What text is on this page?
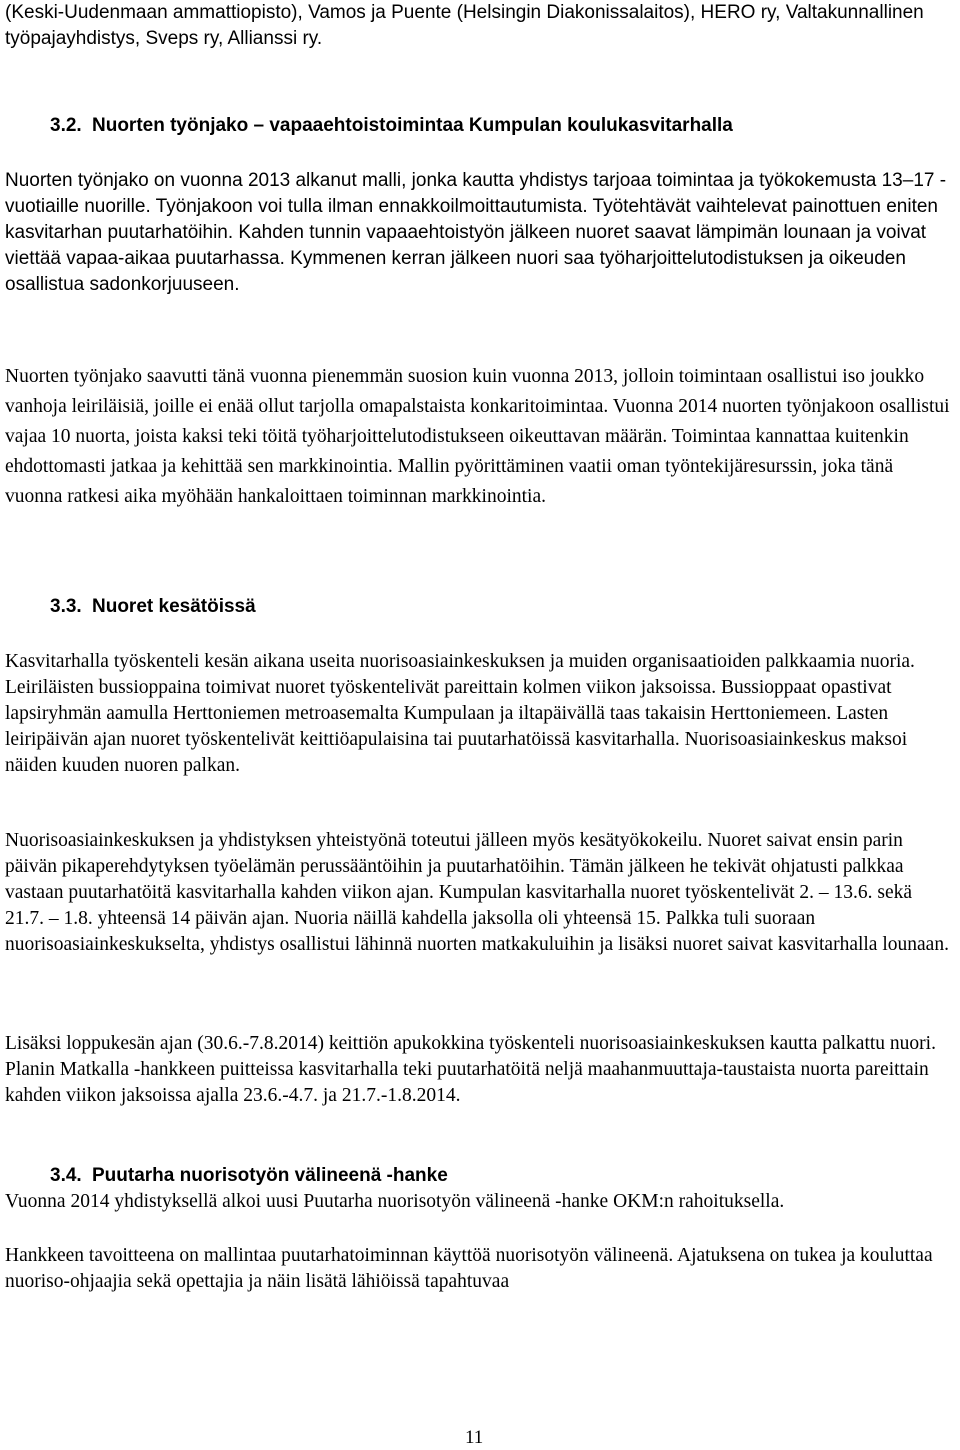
(Keski-Uudenmaan ammattiopisto), Vamos ja Puente (Helsingin Diakonissalaitos), HERO ry, Valtakunnallinen työpajayhdistys, Sveps ry, Allianssi ry.

3.2. Nuorten työnjako – vapaaehtoistoimintaa Kumpulan koulukasvitarhalla

Nuorten työnjako on vuonna 2013 alkanut malli, jonka kautta yhdistys tarjoaa toimintaa ja työkokemusta 13–17 -vuotiaille nuorille. Työnjakoon voi tulla ilman ennakkoilmoittautumista. Työtehtävät vaihtelevat painottuen eniten kasvitarhan puutarhatöihin. Kahden tunnin vapaaehtoistyön jälkeen nuoret saavat lämpimän lounaan ja voivat viettää vapaa-aikaa puutarhassa. Kymmenen kerran jälkeen nuori saa työharjoittelutodistuksen ja oikeuden osallistua sadonkorjuuseen.

Nuorten työnjako saavutti tänä vuonna pienemmän suosion kuin vuonna 2013, jolloin toimintaan osallistui iso joukko vanhoja leiriläisiä, joille ei enää ollut tarjolla omapalstaista konkaritoimintaa. Vuonna 2014 nuorten työnjakoon osallistui vajaa 10 nuorta, joista kaksi teki töitä työharjoittelutodistukseen oikeuttavan määrän. Toimintaa kannattaa kuitenkin ehdottomasti jatkaa ja kehittää sen markkinointia. Mallin pyörittäminen vaatii oman työntekijäresurssin, joka tänä vuonna ratkesi aika myöhään hankaloittaen toiminnan markkinointia.

3.3. Nuoret kesätöissä

Kasvitarhalla työskenteli kesän aikana useita nuorisoasiainkeskuksen ja muiden organisaatioiden palkkaamia nuoria. Leiriläisten bussioppaina toimivat nuoret työskentelivät pareittain kolmen viikon jaksoissa. Bussioppaat opastivat lapsiryhmän aamulla Herttoniemen metroasemalta Kumpulaan ja iltapäivällä taas takaisin Herttoniemeen. Lasten leiripäivän ajan nuoret työskentelivät keittiöapulaisina tai puutarhatöissä kasvitarhalla. Nuorisoasiainkeskus maksoi näiden kuuden nuoren palkan.

Nuorisoasiainkeskuksen ja yhdistyksen yhteistyönä toteutui jälleen myös kesätyökokeilu. Nuoret saivat ensin parin päivän pikaperehdytyksen työelämän perussääntöihin ja puutarhatöihin. Tämän jälkeen he tekivät ohjatusti palkkaa vastaan puutarhatöitä kasvitarhalla kahden viikon ajan. Kumpulan kasvitarhalla nuoret työskentelivät 2. – 13.6. sekä 21.7. – 1.8. yhteensä 14 päivän ajan. Nuoria näillä kahdella jaksolla oli yhteensä 15. Palkka tuli suoraan nuorisoasiainkeskukselta, yhdistys osallistui lähinnä nuorten matkakuluihin ja lisäksi nuoret saivat kasvitarhalla lounaan.

Lisäksi loppukesän ajan (30.6.-7.8.2014) keittiön apukokkina työskenteli nuorisoasiainkeskuksen kautta palkattu nuori. Planin Matkalla -hankkeen puitteissa kasvitarhalla teki puutarhatöitä neljä maahanmuuttaja-taustaista nuorta pareittain kahden viikon jaksoissa ajalla 23.6.-4.7. ja 21.7.-1.8.2014.

3.4. Puutarha nuorisotyön välineenä -hanke

Vuonna 2014 yhdistyksellä alkoi uusi Puutarha nuorisotyön välineenä -hanke OKM:n rahoituksella.

Hankkeen tavoitteena on mallintaa puutarhatoiminnan käyttöä nuorisotyön välineenä. Ajatuksena on tukea ja kouluttaa nuoriso-ohjaajia sekä opettajia ja näin lisätä lähiöissä tapahtuvaa

11
